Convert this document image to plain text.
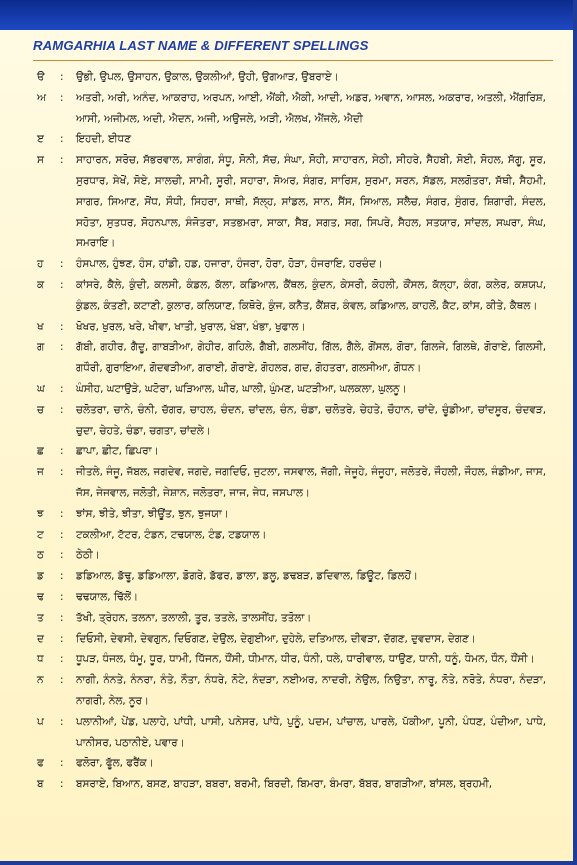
RAMGARHIA LAST NAME & DIFFERENT SPELLINGS
ੳ	:	ਉਭੀ, ਉਪਲ, ਉਸਾਹਨ, ਉਕਾਲ, ਉਕਲੀਆਂ, ਉਹੀ, ਉਗਆੜ, ਉਬਰਾਏ।
ਅ	:	ਅਤਰੀ, ਅਰੀ, ਅਨੰਦ, ਆਕਰਾਹ, ਅਰਪਨ, ਆਈ, ਐਂਕੀ, ਐਕੀ, ਆਦੀ, ਅਡਰ, ਅਵਾਨ, ਆਸਲ, ਅਕਰਾਰ, ਅਤਲੀ, ਐਂਗਰਿਸ਼, ਆਸੀ, ਅਜੀਮਲ, ਅਦੀ, ਐਦਨ, ਅਜੀ, ਅਉਜਲੇ, ਅੜੀ, ਐਲਖ, ਐਂਜਲੇ, ਐਦੀ
ੲ	:	ਇਹਦੀ, ਈਧਣ
ਸ	:	ਸਾਹਾਰਨ, ਸਰੋਚ, ਸੱਭਰਵਾਲ, ਸਾਗੰਗ, ਸੰਧੂ, ਸੋਨੀ, ਸੱਚ, ਸੰਘਾ, ਸੋਹੀ, ਸਾਹਾਰਨ, ਸੇਠੀ, ਸੀਹਰੇ, ਸੈਹਬੀ, ਸੋਈ, ਸੋਹਲ, ਸੱਗੂ, ਸੂਰ, ਸੁਰਧਾਰ, ਸੇਖੋਂ, ਸੋਏ, ਸਾਲਚੀ, ਸਾਮੀ, ਸੂਰੀ, ਸਹਾਰਾ, ਸੋਅਰ, ਸੰਗਰ, ਸਾਰਿਸ, ਸੁਰਮਾ, ਸਰਨ, ਸੱਡਲ, ਸਲਗੋਤਰਾ, ਸੱਥੀ, ਸੈਹਮੀ, ਸਾਗਰ, ਸਿਆਣ, ਸੋਂਧ, ਸੌਧੀ, ਸਿਹਰਾ, ਸਾਥੀ, ਸੱਲ੍ਹ, ਸਾਂਡਲ, ਸਾਨ, ਸੈਂਸ, ਸਿਆਲ, ਸਲੈਚ, ਸੰਗਰ, ਸੁੰਗਰ, ਸ਼ਿਗਾਰੀ, ਸੰਦਲ, ਸਹੋਤਾ, ਸੁਤਧਰ, ਸੋਹਨਪਾਲ, ਸੰਜੋਤਰਾ, ਸਤਭਮਰਾ, ਸਾਕਾ, ਸੈਬ, ਸਗਤ, ਸਗ, ਸਿਪਰੇ, ਸੈਹਲ, ਸਤਯਾਰ, ਸਾਂਦਲ, ਸਘਰਾ, ਸੰਘ, ਸਮਰਾਇ।
ਹ	:	ਹੰਸਪਾਲ, ਹੁੰਝਣ, ਹੰਸ, ਹਾਂਡੀ, ਹਡ, ਹਜਾਰਾ, ਹੰਜਰਾ, ਹੋਰਾ, ਹੋੜਾ, ਹੰਜਰਾਇ, ਹਰਚੰਦ।
ਕ	:	ਕਾਂਸਰੇ, ਕੈਲੇ, ਕੁੰਦੀ, ਕਲਸੀ, ਕੰਡਲ, ਕੱਲਾ, ਕਡਿਆਲ, ਕੈਂਥਲ, ਕੁੰਦਨ, ਕੇਸਰੀ, ਕੋਹਲੀ, ਕੌਂਸਲ, ਕੱਲ੍ਹਾ, ਕੰਗ, ਕਲੇਰ, ਕਸ਼ਯਪ, ਕੁੰਡਲ, ਕੰਤਣੀ, ਕਟਾਣੀ, ਕੁਲਾਰ, ਕਲਿਯਾਣ, ਕਿਥੋਰੇ, ਕੁੰਜ, ਕਨੈਤ, ਕੈਂਸ਼ਰ, ਕੰਵਲ, ਕਡਿਆਲ, ਕਾਹਲੋਂ, ਕੈਟ, ਕਾਂਸ, ਕੀਤੇ, ਕੈਥਲ।
ਖ	:	ਖੋਖਰ, ਖੁਰਲ, ਖਰੇ, ਖੀਵਾ, ਖਾਤੀ, ਖੁਰਾਲ, ਖੰਬਾ, ਖੰਭਾ, ਖੁਫਾਲ।
ਗ	:	ਗੱਬੀ, ਗਹੀਰ, ਗੈਦੂ, ਗਾਬੜੀਆ, ਗੇਹੀਰ, ਗਹਿਲੇ, ਗੈਬੀ, ਗਲਸੀਂਹ, ਗਿੱਲ, ਗੈਲੇ, ਗੋਂਸਲ, ਗੋਰਾ, ਗਿਲਜੇ, ਗਿਲਥੇ, ਗੋਰਾਏ, ਗਿਲਸੀ, ਗਧੌਰੀ, ਗੁਰਾਇਆ, ਗੋਦਵੜੀਆ, ਗਰਾਈ, ਗੋਰਾਏ, ਗੋਹਲਰ, ਗਦ, ਗੋਹਤਰਾ, ਗਲਸੀਆ, ਗੋਧਨ।
ਘ	:	ਘੰਸੀਹ, ਘਟਾਉੜੇ, ਘਟੋਰਾ, ਘੜਿਆਲ, ਘੀਰ, ਘਾਲੀ, ਘੁੰਮਣ, ਘਟੜੀਆ, ਘਲਕਲਾ, ਘੁਲਨੂ।
ਚ	:	ਚਲੋਤਰਾ, ਚਾਨੇ, ਚੰਨੀ, ਚੱਗਰ, ਚਾਹਲ, ਚੰਦਨ, ਚਾਂਦਲ, ਚੰਨ, ਚੰਡਾ, ਚਲੋਤਰੇ, ਚੇਹਤੇ, ਚੌਹਾਨ, ਚਾਂਦੇ, ਚੂੰਡੀਆ, ਚਾਂਦਸੂਰ, ਚੰਦਵੜ, ਚੁਦਾ, ਚੇਹਤੇ, ਚੰਡਾ, ਚਗਤਾ, ਚਾਂਦਲੇ।
ਛ	:	ਛਾਪਾ, ਛੀਟ, ਛਿਪਰਾ।
ਜ	:	ਜੀਤਲੇ, ਜੰਜੂ, ਜੱਬਲ, ਜਗਦੇਵ, ਜਗਦੇ, ਜਗਦਿਓ, ਜੁਟਲਾ, ਜਸਵਾਲ, ਜੱਗੀ, ਜੇਜੂਹੇ, ਜੰਜੂਹਾ, ਜਲੋਤਰੇ, ਜੌਹਲੀ, ਜੌਹਲ, ਜੰਡੀਆ, ਜਾਸ, ਜੱਸ, ਜੇਜਵਾਲ, ਜਲੋਤੀ, ਜੇਸ਼ਾਨ, ਜਲੋਤਰਾ, ਜਾਜ, ਜੇਧ, ਜਸਪਾਲ।
ਝ	:	ਝਾਂਸ, ਝੀਤੇ, ਝੀਤਾ, ਝੀਊਂਤ, ਝੁਨ, ਝੁਜਯਾ।
ਟ	:	ਟਕਲੀਆ, ਟੱਟਰ, ਟੰਡਨ, ਟਢਯਾਲ, ਟੰਡ, ਟਡਯਾਲ।
ਠ	:	ਠੇਠੀ।
ਡ	:	ਡਡਿਆਲ, ਡੱਢੂ, ਡਡਿਆਲਾ, ਡੋਗਰੇ, ਡੱਫਰ, ਡਾਲਾ, ਡਲੂ, ਡਢਬੜ, ਡਦਿਵਾਲ, ਡਿਊਟ, ਡਿਲਹੋਂ।
ਢ	:	ਢਢਯਾਲ, ਢਿੱਲੋਂ।
ਤ	:	ਤੱਖੀ, ਤ੍ਰੇਹਨ, ਤਲਨਾ, ਤਲਾਲੀ, ਤੂਰ, ਤਤਲੇ, ਤਾਲਸੀਂਹ, ਤਤੋਲਾ।
ਦ	:	ਦਿਓਸੀ, ਦੇਵਸੀ, ਦੇਵਗੁਨ, ਦਿਓਗਣ, ਦੇਉਲ, ਦੇਗੁਈਆ, ਦੁਹੇਲੇ, ਦਤਿਆਲ, ਦੀਵੜਾ, ਦੱਗਣ, ਦੁਵਦਾਸ, ਦੇਗਣ।
ਧ	:	ਧੂਪੜ, ਧੰਜਲ, ਧੰਮੂ, ਧੂਰ, ਧਾਮੀ, ਧਿੱਜਨ, ਧੌਂਸੀ, ਧੀਮਾਨ, ਧੀਰ, ਧੰਨੀ, ਧਲੇ, ਧਾਰੀਵਾਲ, ਧਾਉਣ, ਧਾਨੀ, ਧਨੂੰ, ਧੋਮਨ, ਧੌਨ, ਧੌਂਸੀ।
ਨ	:	ਨਾਗੀ, ਨੰਨਤੇ, ਨੰਨਰਾ, ਨੰਤੇ, ਨੌਤਾ, ਨੰਧਰੇ, ਨੋਟੇ, ਨੰਦੜਾ, ਨਈਅਰ, ਨਾਦਰੀ, ਨੇਉਲ, ਨਿਉਤਾ, ਨਾਰੂ, ਨੋਤੇ, ਨਰੋਤੇ, ਨੰਧਰਾ, ਨੰਦੜਾ, ਨਾਗਰੀ, ਨੇਲ, ਨੂਰ।
ਪ	:	ਪਲਾਨੀਆਂ, ਪੇਂਡ, ਪਲਾਹੇ, ਪਾਂਧੀ, ਪਾਸੀ, ਪਨੇਸਰ, ਪਾਂਧੇ, ਪੁਨੂੰ, ਪਦਮ, ਪਾਂਚਾਲ, ਪਾਰਲੇ, ਪੱਕੀਆ, ਪੂਨੀ, ਪੰਧਣ, ਪੰਦੀਆ, ਪਾਧੇ, ਪਾਨੀਸਰ, ਪਠਾਨੀਏ, ਪਵਾਰ।
ਫ	:	ਫਲੋਰਾ, ਫੂੱਲ, ਫਰੈਂਕ।
ਬ	:	ਬਸਰਾਏ, ਬਿਆਨ, ਬਸਣ, ਬਾਹੜਾ, ਬਬਰਾ, ਬਰਮੀ, ਬਿਰਦੀ, ਬਿਮਰਾ, ਬੰਮਰਾ, ਬੱਬਰ, ਬਾਗੜੀਆ, ਬਾਂਸਲ, ਬ੍ਰਹਮੀ,
